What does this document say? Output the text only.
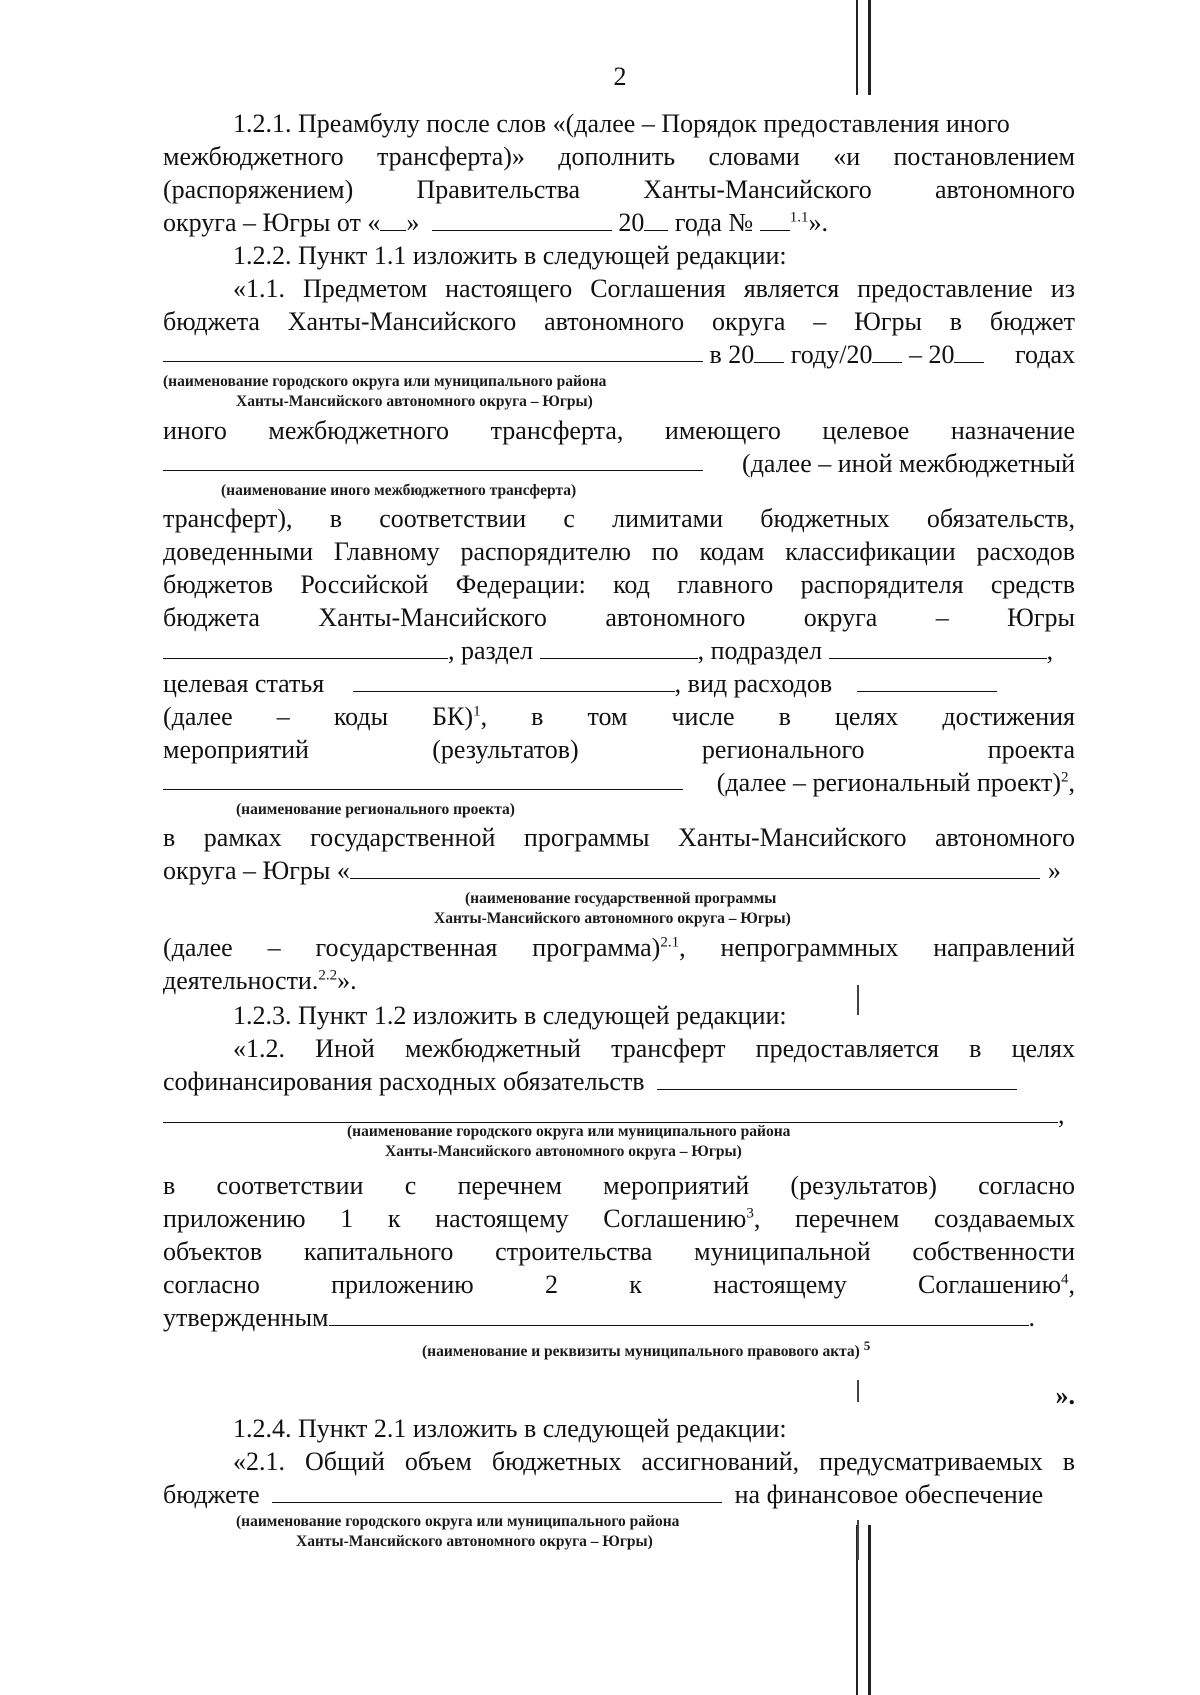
2
1.2.1. Преамбулу после слов «(далее – Порядок предоставления иного
межбюджетного трансферта)» дополнить словами «и постановлением
(распоряжением) Правительства Ханты-Мансийского автономного
округа – Югры от « »	20 года № $^{1.1}$».
1.2.2. Пункт 1.1 изложить в следующей редакции:
«1.1. Предметом настоящего Соглашения является предоставление из
бюджета Ханты-Мансийского автономного округа – Югры в бюджет
в 20 году/20 – 20 годах
(наименование городского округа или муниципального района
Ханты-Мансийского автономного округа – Югры)
иного межбюджетного трансферта, имеющего целевое назначение
(далее – иной межбюджетный
(наименование иного межбюджетного трансферта)
трансферт), в соответствии с лимитами бюджетных обязательств,
доведенными Главному распорядителю по кодам классификации расходов
бюджетов Российской Федерации: код главного распорядителя средств
бюджета Ханты-Мансийского автономного округа – Югры
, раздел	, подраздел	,
целевая статья	, вид расходов
(далее – коды БК)$^1$, в том числе в целях достижения
мероприятий (результатов) регионального проекта
(далее – региональный проект)$^2$,
(наименование регионального проекта)
в рамках государственной программы Ханты-Мансийского автономного
округа – Югры «	»
(наименование государственной программы
Ханты-Мансийского автономного округа – Югры)
(далее – государственная программа)$^{2.1}$, непрограммных направлений
деятельности.$^{2.2}$».
1.2.3. Пункт 1.2 изложить в следующей редакции:
«1.2. Иной межбюджетный трансферт предоставляется в целях
софинансирования расходных обязательств
,
(наименование городского округа или муниципального района
Ханты-Мансийского автономного округа – Югры)
в соответствии с перечнем мероприятий (результатов) согласно
приложению 1 к настоящему Соглашению$^3$, перечнем создаваемых
объектов капитального строительства муниципальной собственности
согласно приложению 2 к настоящему Соглашению$^4$,
утвержденным	.
(наименование и реквизиты муниципального правового акта) $^5$
».
1.2.4. Пункт 2.1 изложить в следующей редакции:
«2.1. Общий объем бюджетных ассигнований, предусматриваемых в
бюджете	на финансовое обеспечение
(наименование городского округа или муниципального района
Ханты-Мансийского автономного округа – Югры)
